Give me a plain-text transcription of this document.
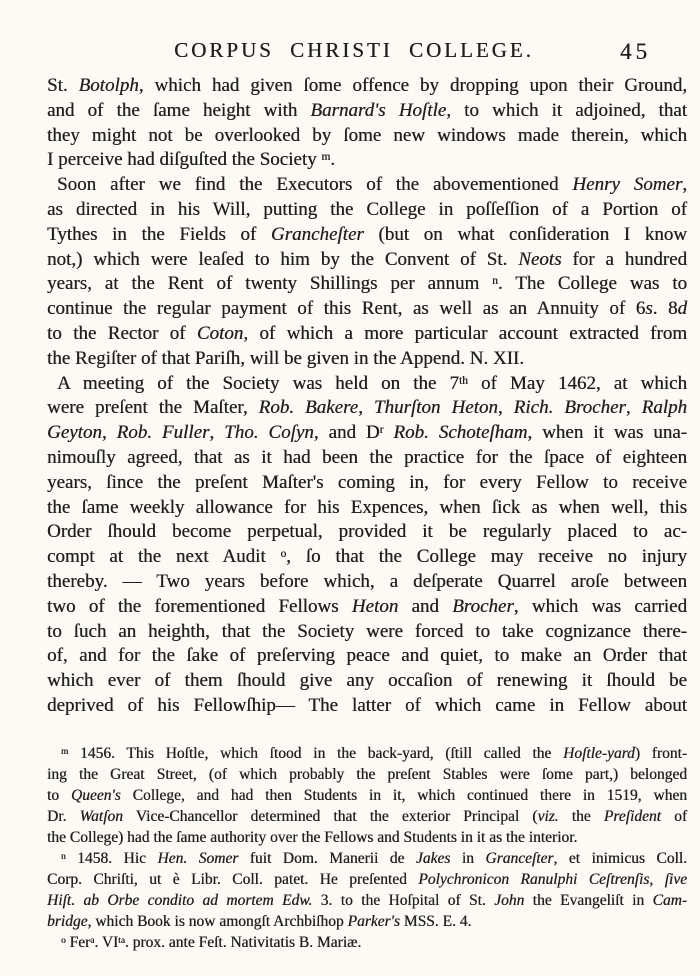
CORPUS CHRISTI COLLEGE.	45
St. Botolph, which had given ſome offence by dropping upon their Ground,
and of the ſame height with Barnard's Hoſtle, to which it adjoined, that
they might not be overlooked by ſome new windows made therein, which
I perceive had diſguſted the Society $^m$.
Soon after we find the Executors of the abovementioned Henry Somer,
as directed in his Will, putting the College in poſſeſſion of a Portion of
Tythes in the Fields of Grancheſter (but on what conſideration I know
not,) which were leaſed to him by the Convent of St. Neots for a hundred
years, at the Rent of twenty Shillings per annum $^n$. The College was to
continue the regular payment of this Rent, as well as an Annuity of 6s. 8d
to the Rector of Coton, of which a more particular account extracted from
the Regiſter of that Pariſh, will be given in the Append. N. XII.
A meeting of the Society was held on the 7th of May 1462, at which
were preſent the Maſter, Rob. Bakere, Thurſton Heton, Rich. Brocher, Ralph
Geyton, Rob. Fuller, Tho. Coſyn, and $D^r$ Rob. Schoteſham, when it was una-
nimouſly agreed, that as it had been the practice for the ſpace of eighteen
years, ſince the preſent Maſter's coming in, for every Fellow to receive
the ſame weekly allowance for his Expences, when ſick as when well, this
Order ſhould become perpetual, provided it be regularly placed to ac-
compt at the next Audit $^o$, ſo that the College may receive no injury
thereby. — Two years before which, a deſperate Quarrel aroſe between
two of the forementioned Fellows Heton and Brocher, which was carried
to ſuch an heighth, that the Society were forced to take cognizance there-
of, and for the ſake of preſerving peace and quiet, to make an Order that
which ever of them ſhould give any occaſion of renewing it ſhould be
deprived of his Fellowſhip— The latter of which came in Fellow about
$^m$ 1456. This Hoſtle, which ſtood in the back-yard, (ſtill called the Hoſtle-yard) front-
ing the Great Street, (of which probably the preſent Stables were ſome part,) belonged
to Queen's College, and had then Students in it, which continued there in 1519, when
Dr. Watſon Vice-Chancellor determined that the exterior Principal (viz. the Preſident of
the College) had the ſame authority over the Fellows and Students in it as the interior.
$^n$ 1458. Hic Hen. Somer fuit Dom. Manerii de Jakes in Granceſter, et inimicus Coll.
Corp. Chriſti, ut è Libr. Coll. patet. He preſented Polychronicon Ranulphi Ceſtrenſis, ſive
Hiſt. ab Orbe condito ad mortem Edw. 3. to the Hoſpital of St. John the Evangeliſt in Cam-
bridge, which Book is now amongſt Archbiſhop Parker's MSS. E. 4.
$^o$ Fer$^a$. $VI^{ta}$. prox. ante Feſt. Nativitatis B. Mariæ.
